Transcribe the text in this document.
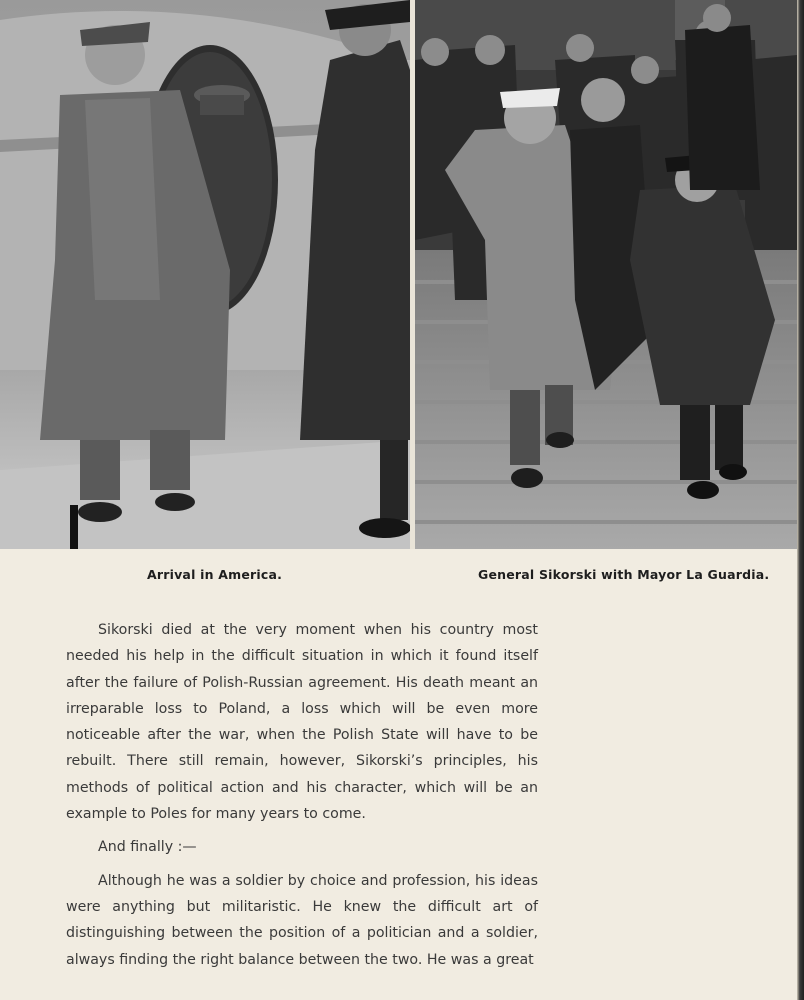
Arrival in America.	General Sikorski with Mayor La Guardia.

Sikorski died at the very moment when his country most needed his help in the difficult situation in which it found itself after the failure of Polish-Russian agreement. His death meant an irreparable loss to Poland, a loss which will be even more noticeable after the war, when the Polish State will have to be rebuilt. There still remain, however, Sikorski’s principles, his methods of political action and his character, which will be an example to Poles for many years to come.

And finally :—

Although he was a soldier by choice and profession, his ideas were anything but militaristic. He knew the difficult art of distinguishing between the position of a politician and a soldier, always finding the right balance between the two. He was a great
